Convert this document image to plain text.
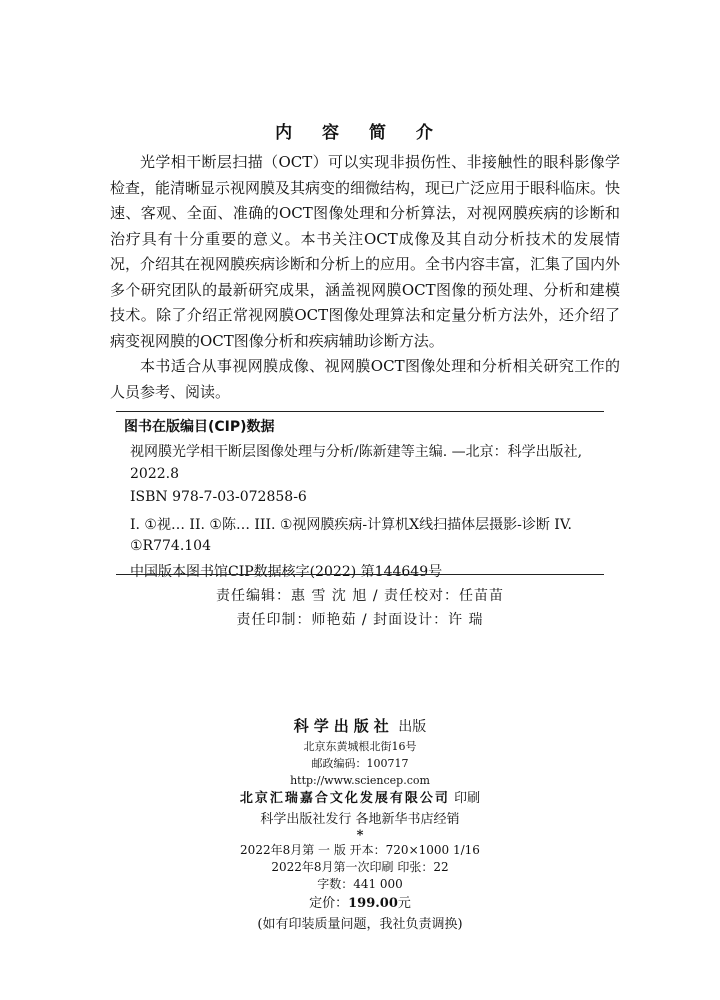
内 容 简 介

光学相干断层扫描（OCT）可以实现非损伤性、非接触性的眼科影像学检查，能清晰显示视网膜及其病变的细微结构，现已广泛应用于眼科临床。快速、客观、全面、准确的OCT图像处理和分析算法，对视网膜疾病的诊断和治疗具有十分重要的意义。本书关注OCT成像及其自动分析技术的发展情况，介绍其在视网膜疾病诊断和分析上的应用。全书内容丰富，汇集了国内外多个研究团队的最新研究成果，涵盖视网膜OCT图像的预处理、分析和建模技术。除了介绍正常视网膜OCT图像处理算法和定量分析方法外，还介绍了病变视网膜的OCT图像分析和疾病辅助诊断方法。

本书适合从事视网膜成像、视网膜OCT图像处理和分析相关研究工作的人员参考、阅读。

图书在版编目(CIP)数据
视网膜光学相干断层图像处理与分析/陈新建等主编. —北京：科学出版社, 2022.8
ISBN 978-7-03-072858-6
I. ①视… II. ①陈… III. ①视网膜疾病-计算机X线扫描体层摄影-诊断 IV. ①R774.104
中国版本图书馆CIP数据核字(2022) 第144649号
责任编辑：惠 雪 沈 旭 / 责任校对：任苗苗
责任印制：师艳茹 / 封面设计：许 瑞
科学出版社 出版
北京东黄城根北街16号
邮政编码：100717
http://www.sciencep.com
北京汇瑞嘉合文化发展有限公司 印刷
科学出版社发行 各地新华书店经销
*
2022年8月第 一 版 开本：720×1000 1/16
2022年8月第一次印刷 印张：22
字数：441 000
定价：199.00元
(如有印装质量问题，我社负责调换)
